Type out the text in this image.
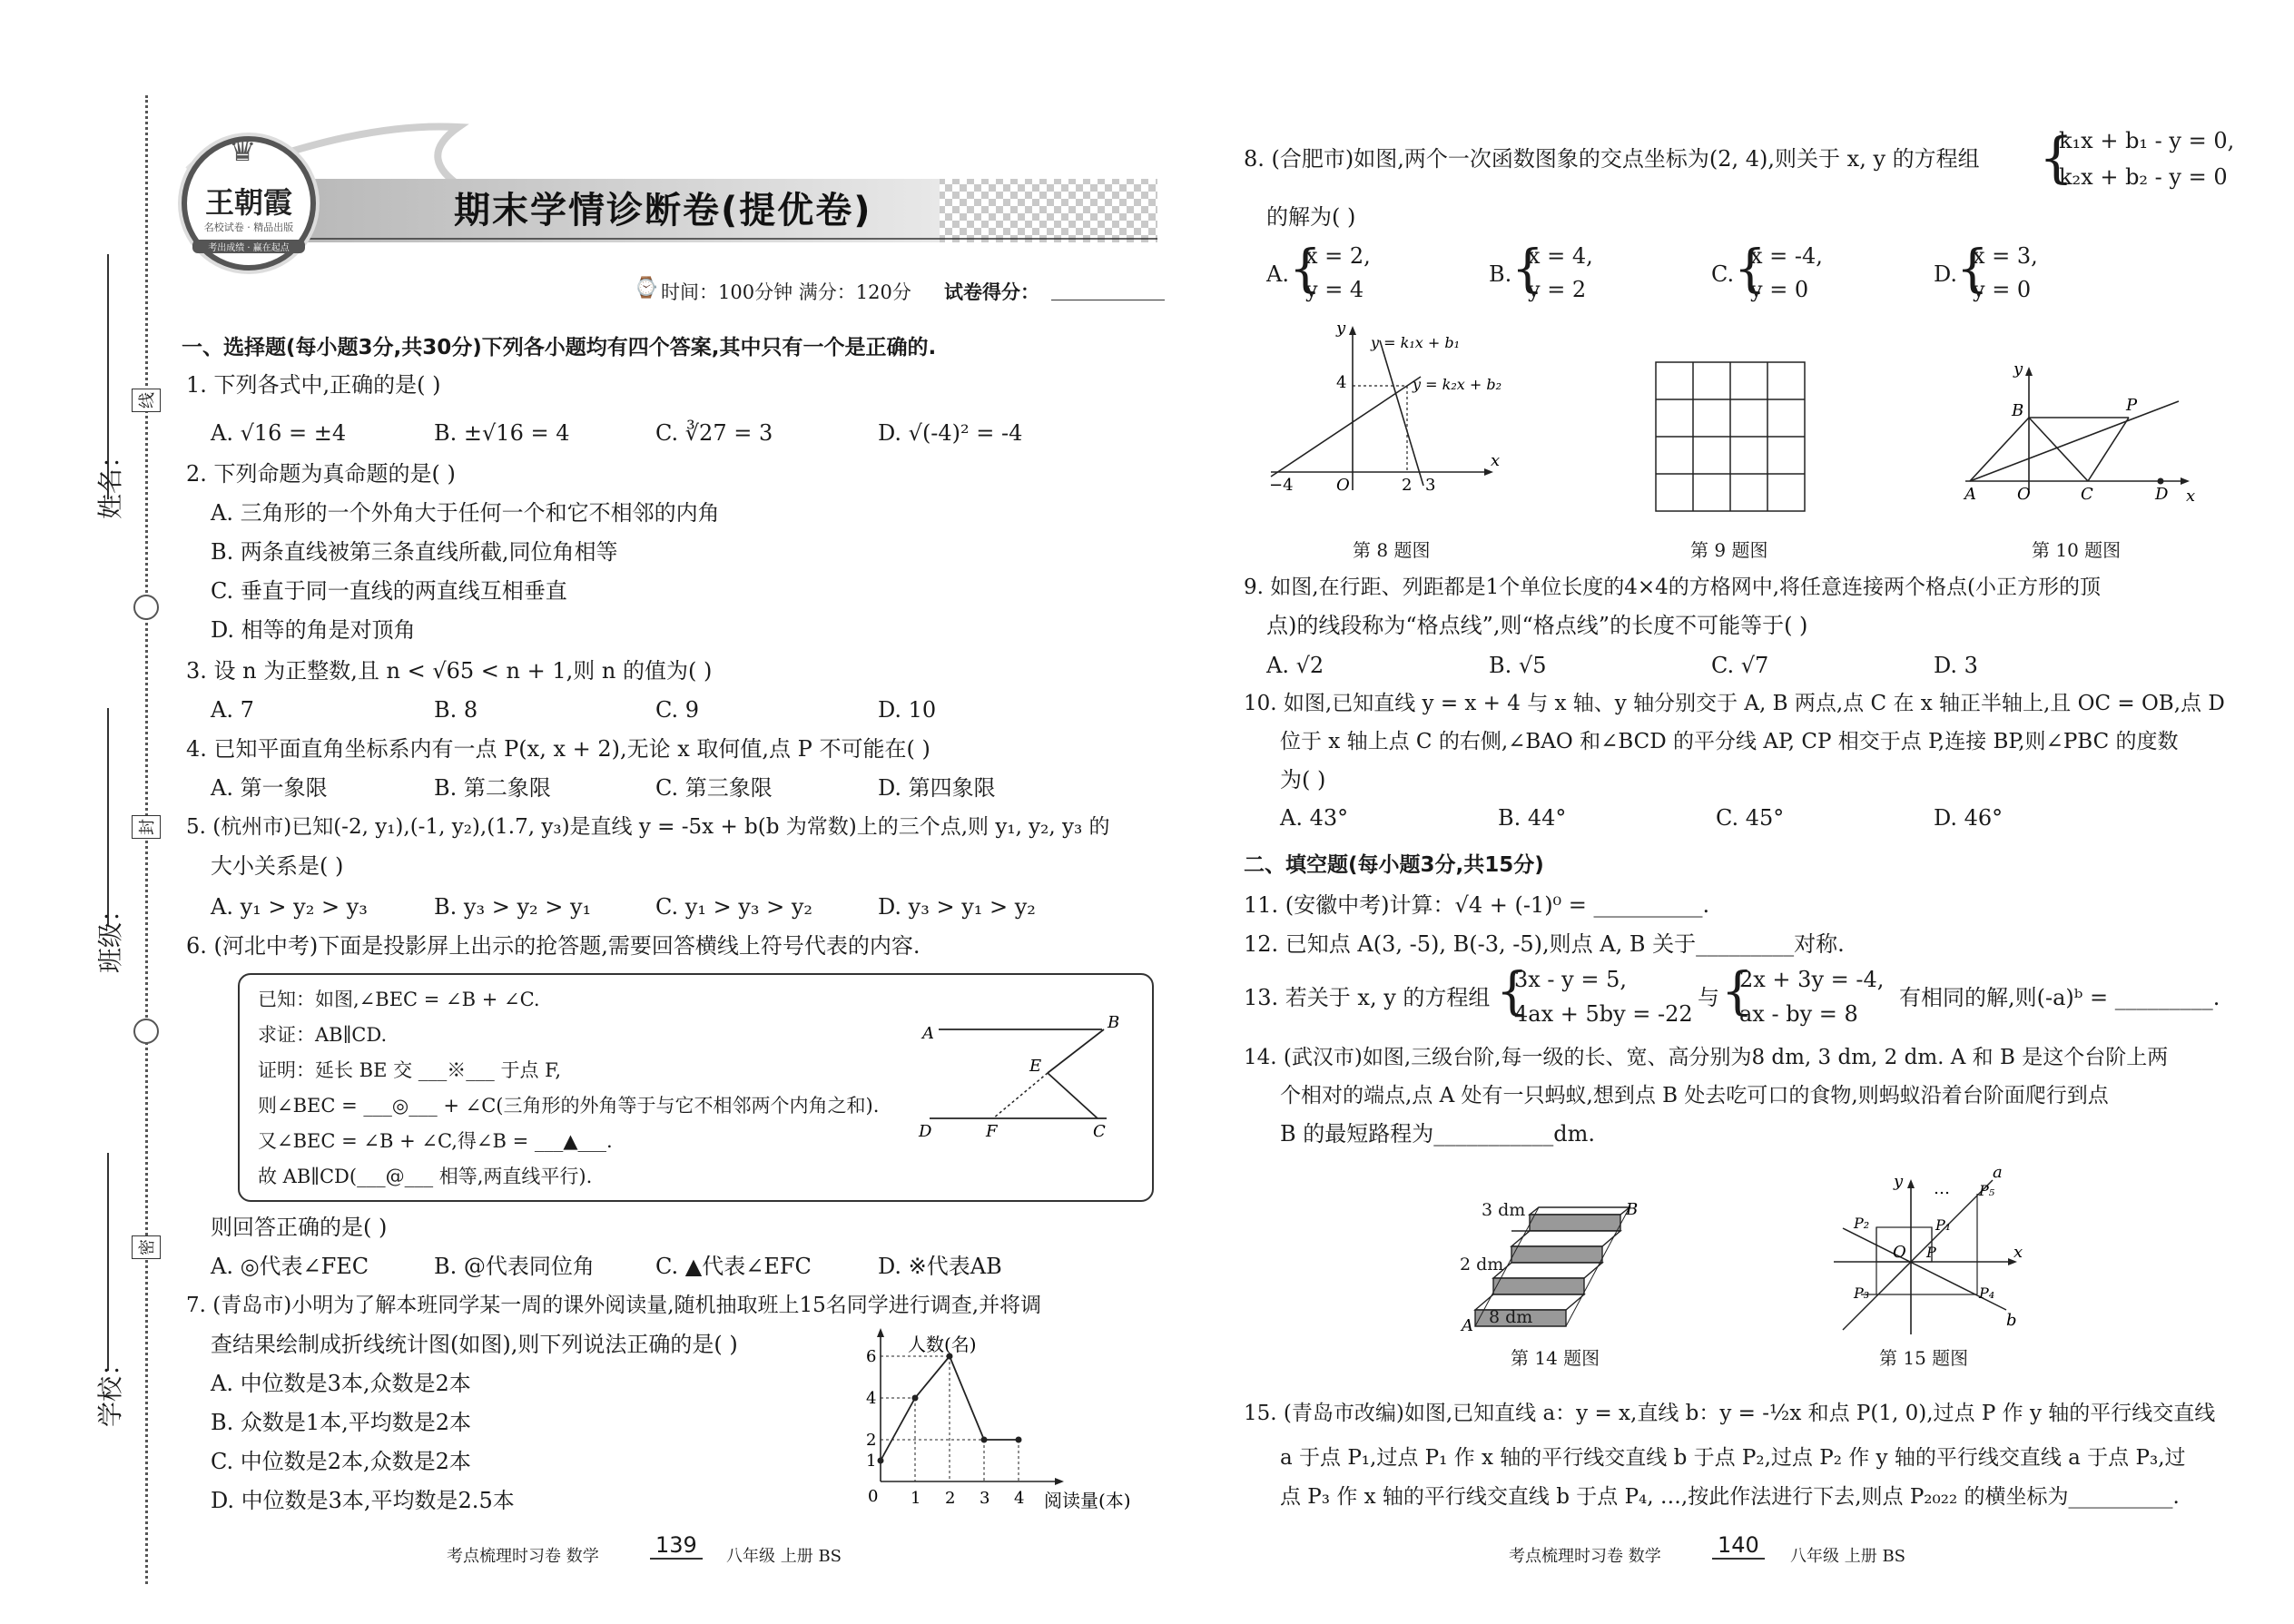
姓名：
班级：
学校：
线
封
密
♛
王朝霞
名校试卷 · 精品出版
考出成绩 · 赢在起点
期末学情诊断卷(提优卷)
⌚ 时间：100分钟 满分：120分 试卷得分：
一、选择题(每小题3分,共30分)下列各小题均有四个答案,其中只有一个是正确的.
1. 下列各式中,正确的是( )
A. √16 = ±4	B. ±√16 = 4	C. ∛27 = 3	D. √(-4)² = -4
2. 下列命题为真命题的是( )
A. 三角形的一个外角大于任何一个和它不相邻的内角
B. 两条直线被第三条直线所截,同位角相等
C. 垂直于同一直线的两直线互相垂直
D. 相等的角是对顶角
3. 设 n 为正整数,且 n < √65 < n + 1,则 n 的值为( )
A. 7	B. 8	C. 9	D. 10
4. 已知平面直角坐标系内有一点 P(x, x + 2),无论 x 取何值,点 P 不可能在( )
A. 第一象限	B. 第二象限	C. 第三象限	D. 第四象限
5. (杭州市)已知(-2, y₁),(-1, y₂),(1.7, y₃)是直线 y = -5x + b(b 为常数)上的三个点,则 y₁, y₂, y₃ 的
大小关系是( )
A. y₁ > y₂ > y₃	B. y₃ > y₂ > y₁	C. y₁ > y₃ > y₂	D. y₃ > y₁ > y₂
6. (河北中考)下面是投影屏上出示的抢答题,需要回答横线上符号代表的内容.
已知：如图,∠BEC = ∠B + ∠C.
求证：AB∥CD.
证明：延长 BE 交 ___※___ 于点 F,
则∠BEC = ___◎___ + ∠C(三角形的外角等于与它不相邻两个内角之和).
又∠BEC = ∠B + ∠C,得∠B = ___▲___.
故 AB∥CD(___@___ 相等,两直线平行).
A
B
E
D	F	C
则回答正确的是( )
A. ◎代表∠FEC	B. @代表同位角	C. ▲代表∠EFC	D. ※代表AB
7. (青岛市)小明为了解本班同学某一周的课外阅读量,随机抽取班上15名同学进行调查,并将调
查结果绘制成折线统计图(如图),则下列说法正确的是( )
A. 中位数是3本,众数是2本
B. 众数是1本,平均数是2本
C. 中位数是2本,众数是2本
D. 中位数是3本,平均数是2.5本
1
2
4
6
0 1 2 3 4
人数(名)
阅读量(本)
考点梳理时习卷 数学	139	八年级 上册 BS
8. (合肥市)如图,两个一次函数图象的交点坐标为(2, 4),则关于 x, y 的方程组 {
k₁x + b₁ - y = 0,
k₂x + b₂ - y = 0
的解为( )
A. {
x = 2,
y = 4
B. {
x = 4,
y = 2
C. {
x = -4,
y = 0
D.
{
x = 3,
y = 0
x
y
−4	O	2 3
4
y = k₁x + b₁
y = k₂x + b₂
第 8 题图	第 9 题图
x
y
A	O	C	D
B	P
第 10 题图
9. 如图,在行距、列距都是1个单位长度的4×4的方格网中,将任意连接两个格点(小正方形的顶
点)的线段称为“格点线”,则“格点线”的长度不可能等于( )
A. √2	B. √5	C. √7	D. 3
10. 如图,已知直线 y = x + 4 与 x 轴、y 轴分别交于 A, B 两点,点 C 在 x 轴正半轴上,且 OC = OB,点 D
位于 x 轴上点 C 的右侧,∠BAO 和∠BCD 的平分线 AP, CP 相交于点 P,连接 BP,则∠PBC 的度数
为( )
A. 43°	B. 44°	C. 45°	D. 46°
二、填空题(每小题3分,共15分)
11. (安徽中考)计算：√4 + (-1)⁰ = __________.
12. 已知点 A(3, -5), B(-3, -5),则点 A, B 关于_________对称.
13. 若关于 x, y 的方程组 {
3x - y = 5,
4ax + 5by = -22
与 {
2x + 3y = -4,
ax - by = 8
有相同的解,则(-a)ᵇ = _________.
14. (武汉市)如图,三级台阶,每一级的长、宽、高分别为8 dm, 3 dm, 2 dm. A 和 B 是这个台阶上两
个相对的端点,点 A 处有一只蚂蚁,想到点 B 处去吃可口的食物,则蚂蚁沿着台阶面爬行到点
B 的最短路程为___________dm.
A
B
3 dm
2 dm
8 dm
第 14 题图
x
y	a
b
… P₅
P₁
P₂
O P
P₃	P₄
第 15 题图
15. (青岛市改编)如图,已知直线 a：y = x,直线 b：y = -½x 和点 P(1, 0),过点 P 作 y 轴的平行线交直线
a 于点 P₁,过点 P₁ 作 x 轴的平行线交直线 b 于点 P₂,过点 P₂ 作 y 轴的平行线交直线 a 于点 P₃,过
点 P₃ 作 x 轴的平行线交直线 b 于点 P₄, …,按此作法进行下去,则点 P₂₀₂₂ 的横坐标为__________.
考点梳理时习卷 数学	140	八年级 上册 BS
